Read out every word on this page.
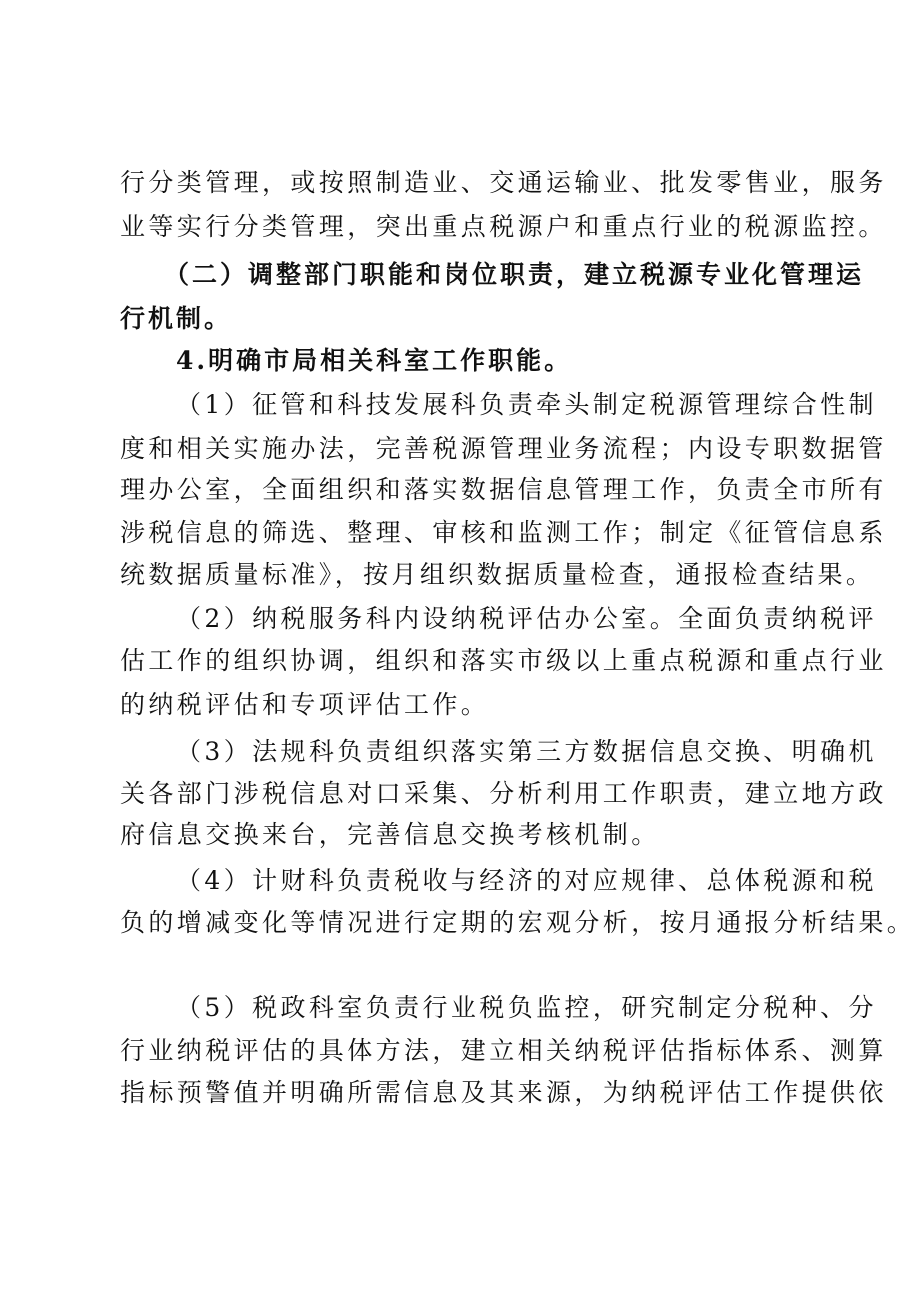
行分类管理，或按照制造业、交通运输业、批发零售业，服务
业等实行分类管理，突出重点税源户和重点行业的税源监控。
（二）调整部门职能和岗位职责，建立税源专业化管理运
行机制。
4.明确市局相关科室工作职能。
（1）征管和科技发展科负责牵头制定税源管理综合性制
度和相关实施办法，完善税源管理业务流程；内设专职数据管
理办公室，全面组织和落实数据信息管理工作，负责全市所有
涉税信息的筛选、整理、审核和监测工作；制定《征管信息系
统数据质量标准》，按月组织数据质量检查，通报检查结果。
（2）纳税服务科内设纳税评估办公室。全面负责纳税评
估工作的组织协调，组织和落实市级以上重点税源和重点行业
的纳税评估和专项评估工作。
（3）法规科负责组织落实第三方数据信息交换、明确机
关各部门涉税信息对口采集、分析利用工作职责，建立地方政
府信息交换来台，完善信息交换考核机制。
（4）计财科负责税收与经济的对应规律、总体税源和税
负的增减变化等情况进行定期的宏观分析，按月通报分析结果。
（5）税政科室负责行业税负监控，研究制定分税种、分
行业纳税评估的具体方法，建立相关纳税评估指标体系、测算
指标预警值并明确所需信息及其来源，为纳税评估工作提供依
